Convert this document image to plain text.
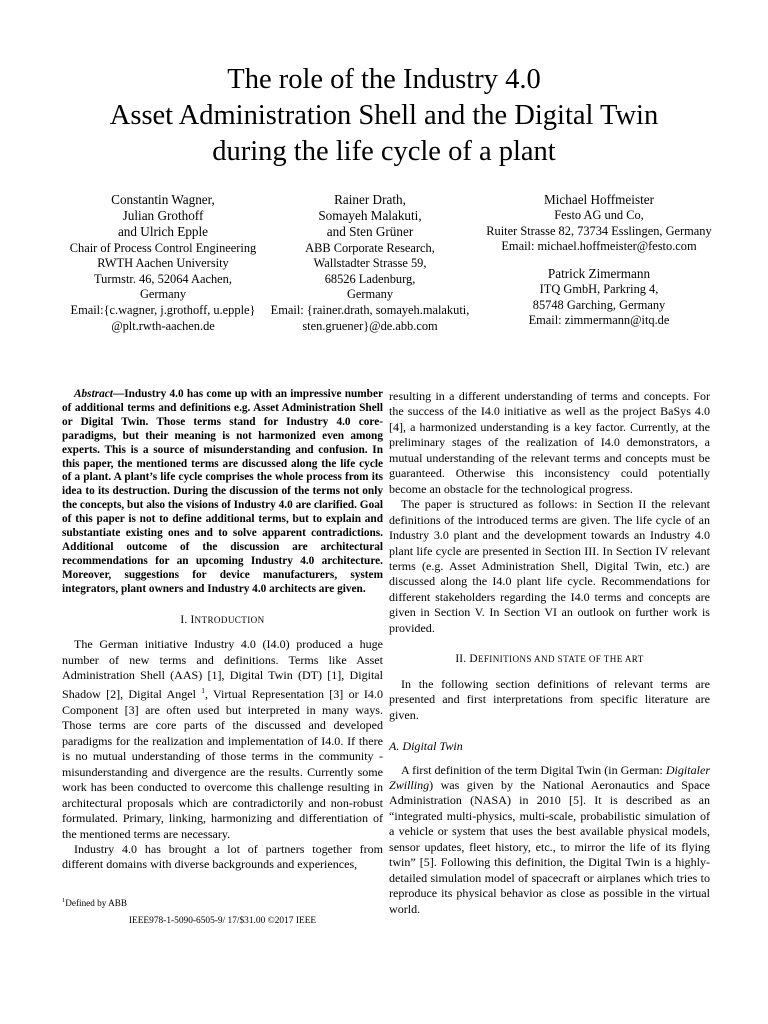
The role of the Industry 4.0
Asset Administration Shell and the Digital Twin
during the life cycle of a plant
Constantin Wagner,
Julian Grothoff
and Ulrich Epple
Chair of Process Control Engineering
RWTH Aachen University
Turmstr. 46, 52064 Aachen,
Germany
Email:{c.wagner, j.grothoff, u.epple}
@plt.rwth-aachen.de
Rainer Drath,
Somayeh Malakuti,
and Sten Grüner
ABB Corporate Research,
Wallstadter Strasse 59,
68526 Ladenburg,
Germany
Email: {rainer.drath, somayeh.malakuti,
sten.gruener}@de.abb.com
Michael Hoffmeister
Festo AG und Co,
Ruiter Strasse 82, 73734 Esslingen, Germany
Email: michael.hoffmeister@festo.com
Patrick Zimermann
ITQ GmbH, Parkring 4,
85748 Garching, Germany
Email: zimmermann@itq.de

Abstract—Industry 4.0 has come up with an impressive number of additional terms and definitions e.g. Asset Administration Shell or Digital Twin. Those terms stand for Industry 4.0 core-paradigms, but their meaning is not harmonized even among experts. This is a source of misunderstanding and confusion. In this paper, the mentioned terms are discussed along the life cycle of a plant. A plant’s life cycle comprises the whole process from its idea to its destruction. During the discussion of the terms not only the concepts, but also the visions of Industry 4.0 are clarified. Goal of this paper is not to define additional terms, but to explain and substantiate existing ones and to solve apparent contradictions. Additional outcome of the discussion are architectural recommendations for an upcoming Industry 4.0 architecture. Moreover, suggestions for device manufacturers, system integrators, plant owners and Industry 4.0 architects are given.

I. INTRODUCTION

The German initiative Industry 4.0 (I4.0) produced a huge number of new terms and definitions. Terms like Asset Administration Shell (AAS) [1], Digital Twin (DT) [1], Digital Shadow [2], Digital Angel $^1$, Virtual Representation [3] or I4.0 Component [3] are often used but interpreted in many ways. Those terms are core parts of the discussed and developed paradigms for the realization and implementation of I4.0. If there is no mutual understanding of those terms in the community - misunderstanding and divergence are the results. Currently some work has been conducted to overcome this challenge resulting in architectural proposals which are contradictorily and non-robust formulated. Primary, linking, harmonizing and differentiation of the mentioned terms are necessary.

Industry 4.0 has brought a lot of partners together from different domains with diverse backgrounds and experiences,

resulting in a different understanding of terms and concepts. For the success of the I4.0 initiative as well as the project BaSys 4.0 [4], a harmonized understanding is a key factor. Currently, at the preliminary stages of the realization of I4.0 demonstrators, a mutual understanding of the relevant terms and concepts must be guaranteed. Otherwise this inconsistency could potentially become an obstacle for the technological progress.

The paper is structured as follows: in Section II the relevant definitions of the introduced terms are given. The life cycle of an Industry 3.0 plant and the development towards an Industry 4.0 plant life cycle are presented in Section III. In Section IV relevant terms (e.g. Asset Administration Shell, Digital Twin, etc.) are discussed along the I4.0 plant life cycle. Recommendations for different stakeholders regarding the I4.0 terms and concepts are given in Section V. In Section VI an outlook on further work is provided.

II. DEFINITIONS AND STATE OF THE ART

In the following section definitions of relevant terms are presented and first interpretations from specific literature are given.

A. Digital Twin

A first definition of the term Digital Twin (in German: Digitaler Zwilling) was given by the National Aeronautics and Space Administration (NASA) in 2010 [5]. It is described as an “integrated multi-physics, multi-scale, probabilistic simulation of a vehicle or system that uses the best available physical models, sensor updates, fleet history, etc., to mirror the life of its flying twin” [5]. Following this definition, the Digital Twin is a highly-detailed simulation model of spacecraft or airplanes which tries to reproduce its physical behavior as close as possible in the virtual world.

$^1$Defined by ABB
IEEE978-1-5090-6505-9/ 17/$31.00 ©2017 IEEE
